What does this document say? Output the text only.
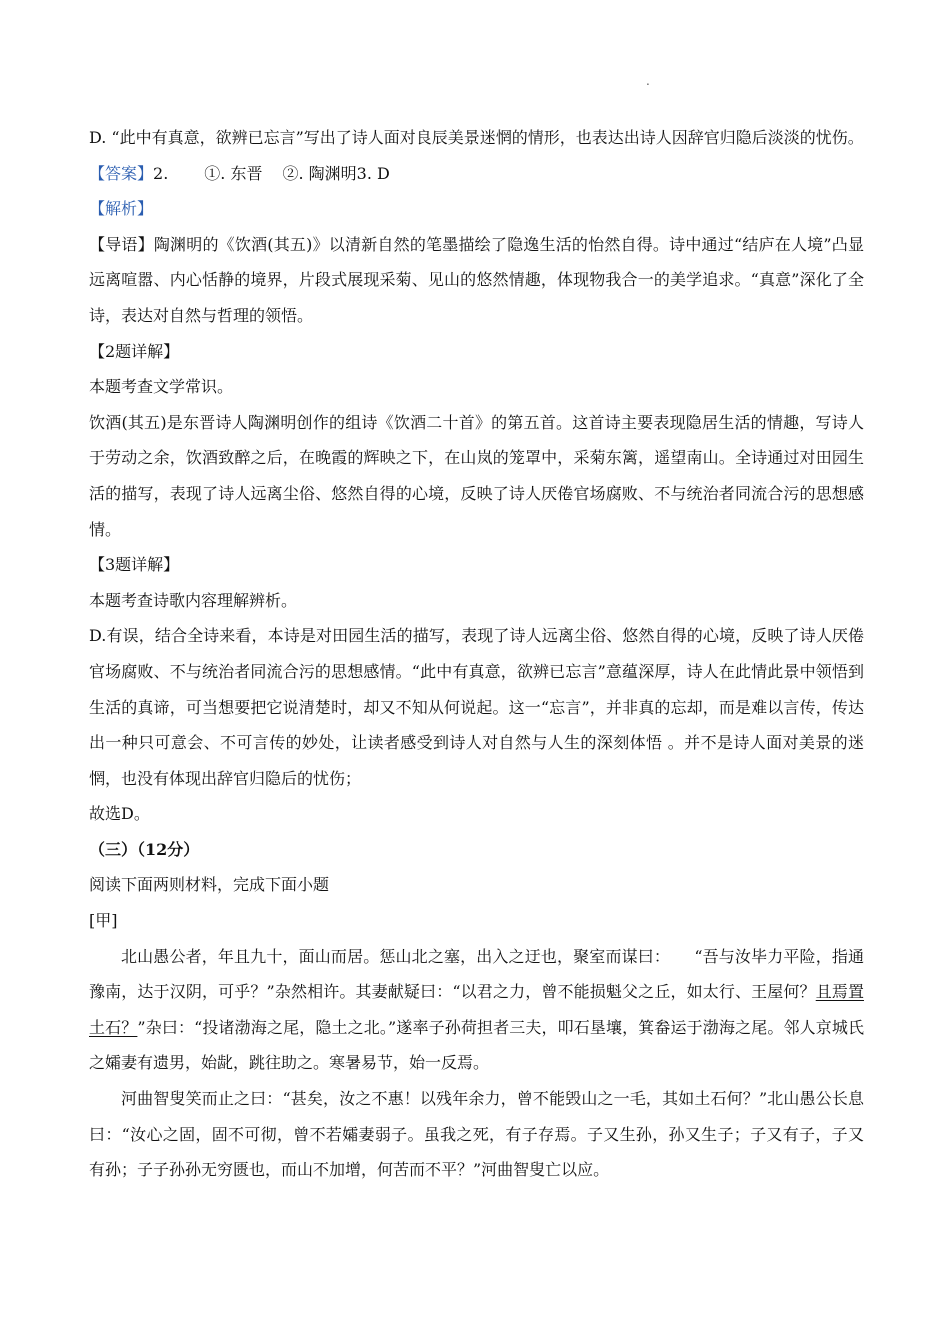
.

D. “此中有真意，欲辨已忘言”写出了诗人面对良辰美景迷惘的情形，也表达出诗人因辞官归隐后淡淡的忧伤。

【答案】2. ①. 东晋 ②. 陶渊明3. D

【解析】

【导语】陶渊明的《饮酒(其五)》以清新自然的笔墨描绘了隐逸生活的怡然自得。诗中通过“结庐在人境”凸显远离喧嚣、内心恬静的境界，片段式展现采菊、见山的悠然情趣，体现物我合一的美学追求。“真意”深化了全诗，表达对自然与哲理的领悟。

【2题详解】

本题考查文学常识。

饮酒(其五)是东晋诗人陶渊明创作的组诗《饮酒二十首》的第五首。这首诗主要表现隐居生活的情趣，写诗人于劳动之余，饮酒致醉之后，在晚霞的辉映之下，在山岚的笼罩中，采菊东篱，遥望南山。全诗通过对田园生活的描写，表现了诗人远离尘俗、悠然自得的心境，反映了诗人厌倦官场腐败、不与统治者同流合污的思想感情。

【3题详解】

本题考查诗歌内容理解辨析。

D.有误，结合全诗来看，本诗是对田园生活的描写，表现了诗人远离尘俗、悠然自得的心境，反映了诗人厌倦官场腐败、不与统治者同流合污的思想感情。“此中有真意，欲辨已忘言”意蕴深厚，诗人在此情此景中领悟到生活的真谛，可当想要把它说清楚时，却又不知从何说起。这一“忘言”，并非真的忘却，而是难以言传，传达出一种只可意会、不可言传的妙处，让读者感受到诗人对自然与人生的深刻体悟 。并不是诗人面对美景的迷惘，也没有体现出辞官归隐后的忧伤；

故选D。

（三）（12分）

阅读下面两则材料，完成下面小题

[甲]

北山愚公者，年且九十，面山而居。惩山北之塞，出入之迂也，聚室而谋曰：　　“吾与汝毕力平险，指通豫南，达于汉阴，可乎？”杂然相许。其妻献疑曰：“以君之力，曾不能损魁父之丘，如太行、王屋何？且焉置土石？”杂曰：“投诸渤海之尾，隐土之北。”遂率子孙荷担者三夫，叩石垦壤，箕畚运于渤海之尾。邻人京城氏之孀妻有遗男，始龀，跳往助之。寒暑易节，始一反焉。

河曲智叟笑而止之曰：“甚矣，汝之不惠！以残年余力，曾不能毁山之一毛，其如土石何？”北山愚公长息曰：“汝心之固，固不可彻，曾不若孀妻弱子。虽我之死，有子存焉。子又生孙，孙又生子；子又有子，子又有孙；子子孙孙无穷匮也，而山不加增，何苦而不平？”河曲智叟亡以应。
